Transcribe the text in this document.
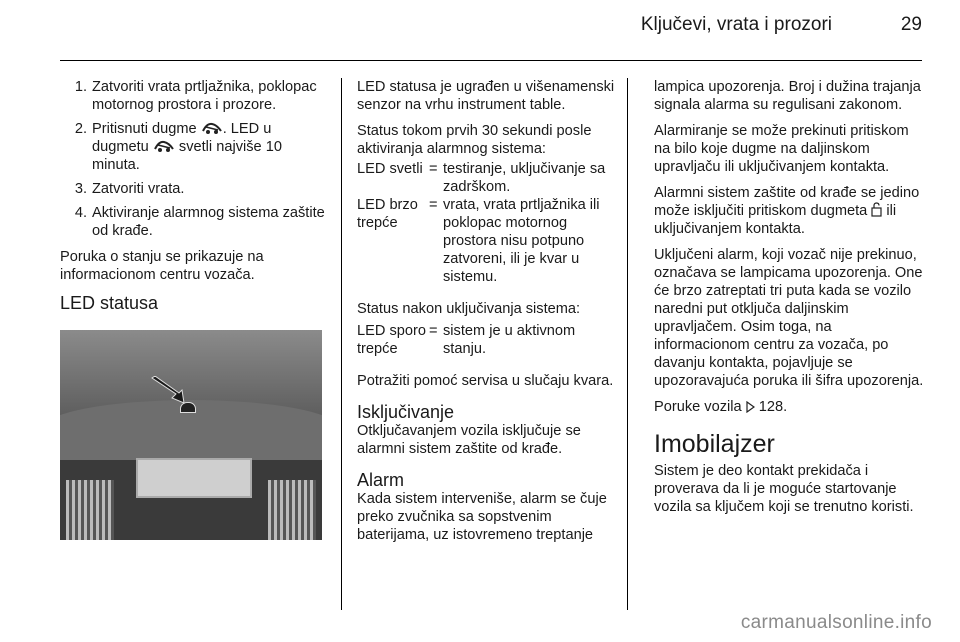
Ključevi, vrata i prozori	29
1. Zatvoriti vrata prtljažnika, poklopac motornog prostora i prozore.
2. Pritisnuti dugme . LED u dugmetu  svetli najviše 10 minuta.
3. Zatvoriti vrata.
4. Aktiviranje alarmnog sistema zaštite od krađe.

Poruka o stanju se prikazuje na informacionom centru vozača.

LED statusa

LED statusa je ugrađen u višenamenski senzor na vrhu instrument table.

Status tokom prvih 30 sekundi posle aktiviranja alarmnog sistema:

LED svetli = testiranje, uključivanje sa zadrškom.
LED brzo trepće
= vrata, vrata prtljažnika ili poklopac motornog prostora nisu potpuno zatvoreni, ili je kvar u sistemu.

Status nakon uključivanja sistema:

LED sporo trepće
= sistem je u aktivnom stanju.

Potražiti pomoć servisa u slučaju kvara.

Isključivanje

Otključavanjem vozila isključuje se alarmni sistem zaštite od krađe.

Alarm

Kada sistem interveniše, alarm se čuje preko zvučnika sa sopstvenim baterijama, uz istovremeno treptanje

lampica upozorenja. Broj i dužina trajanja signala alarma su regulisani zakonom.

Alarmiranje se može prekinuti pritiskom na bilo koje dugme na daljinskom upravljaču ili uključivanjem kontakta.

Alarmni sistem zaštite od krađe se jedino može isključiti pritiskom dugmeta  ili uključivanjem kontakta.

Uključeni alarm, koji vozač nije prekinuo, označava se lampicama upozorenja. One će brzo zatreptati tri puta kada se vozilo naredni put otključa daljinskim upravljačem. Osim toga, na informacionom centru za vozača, po davanju kontakta, pojavljuje se upozoravajuća poruka ili šifra upozorenja.

Poruke vozila  128.

Imobilajzer

Sistem je deo kontakt prekidača i proverava da li je moguće startovanje vozila sa ključem koji se trenutno koristi.

carmanualsonline.info
